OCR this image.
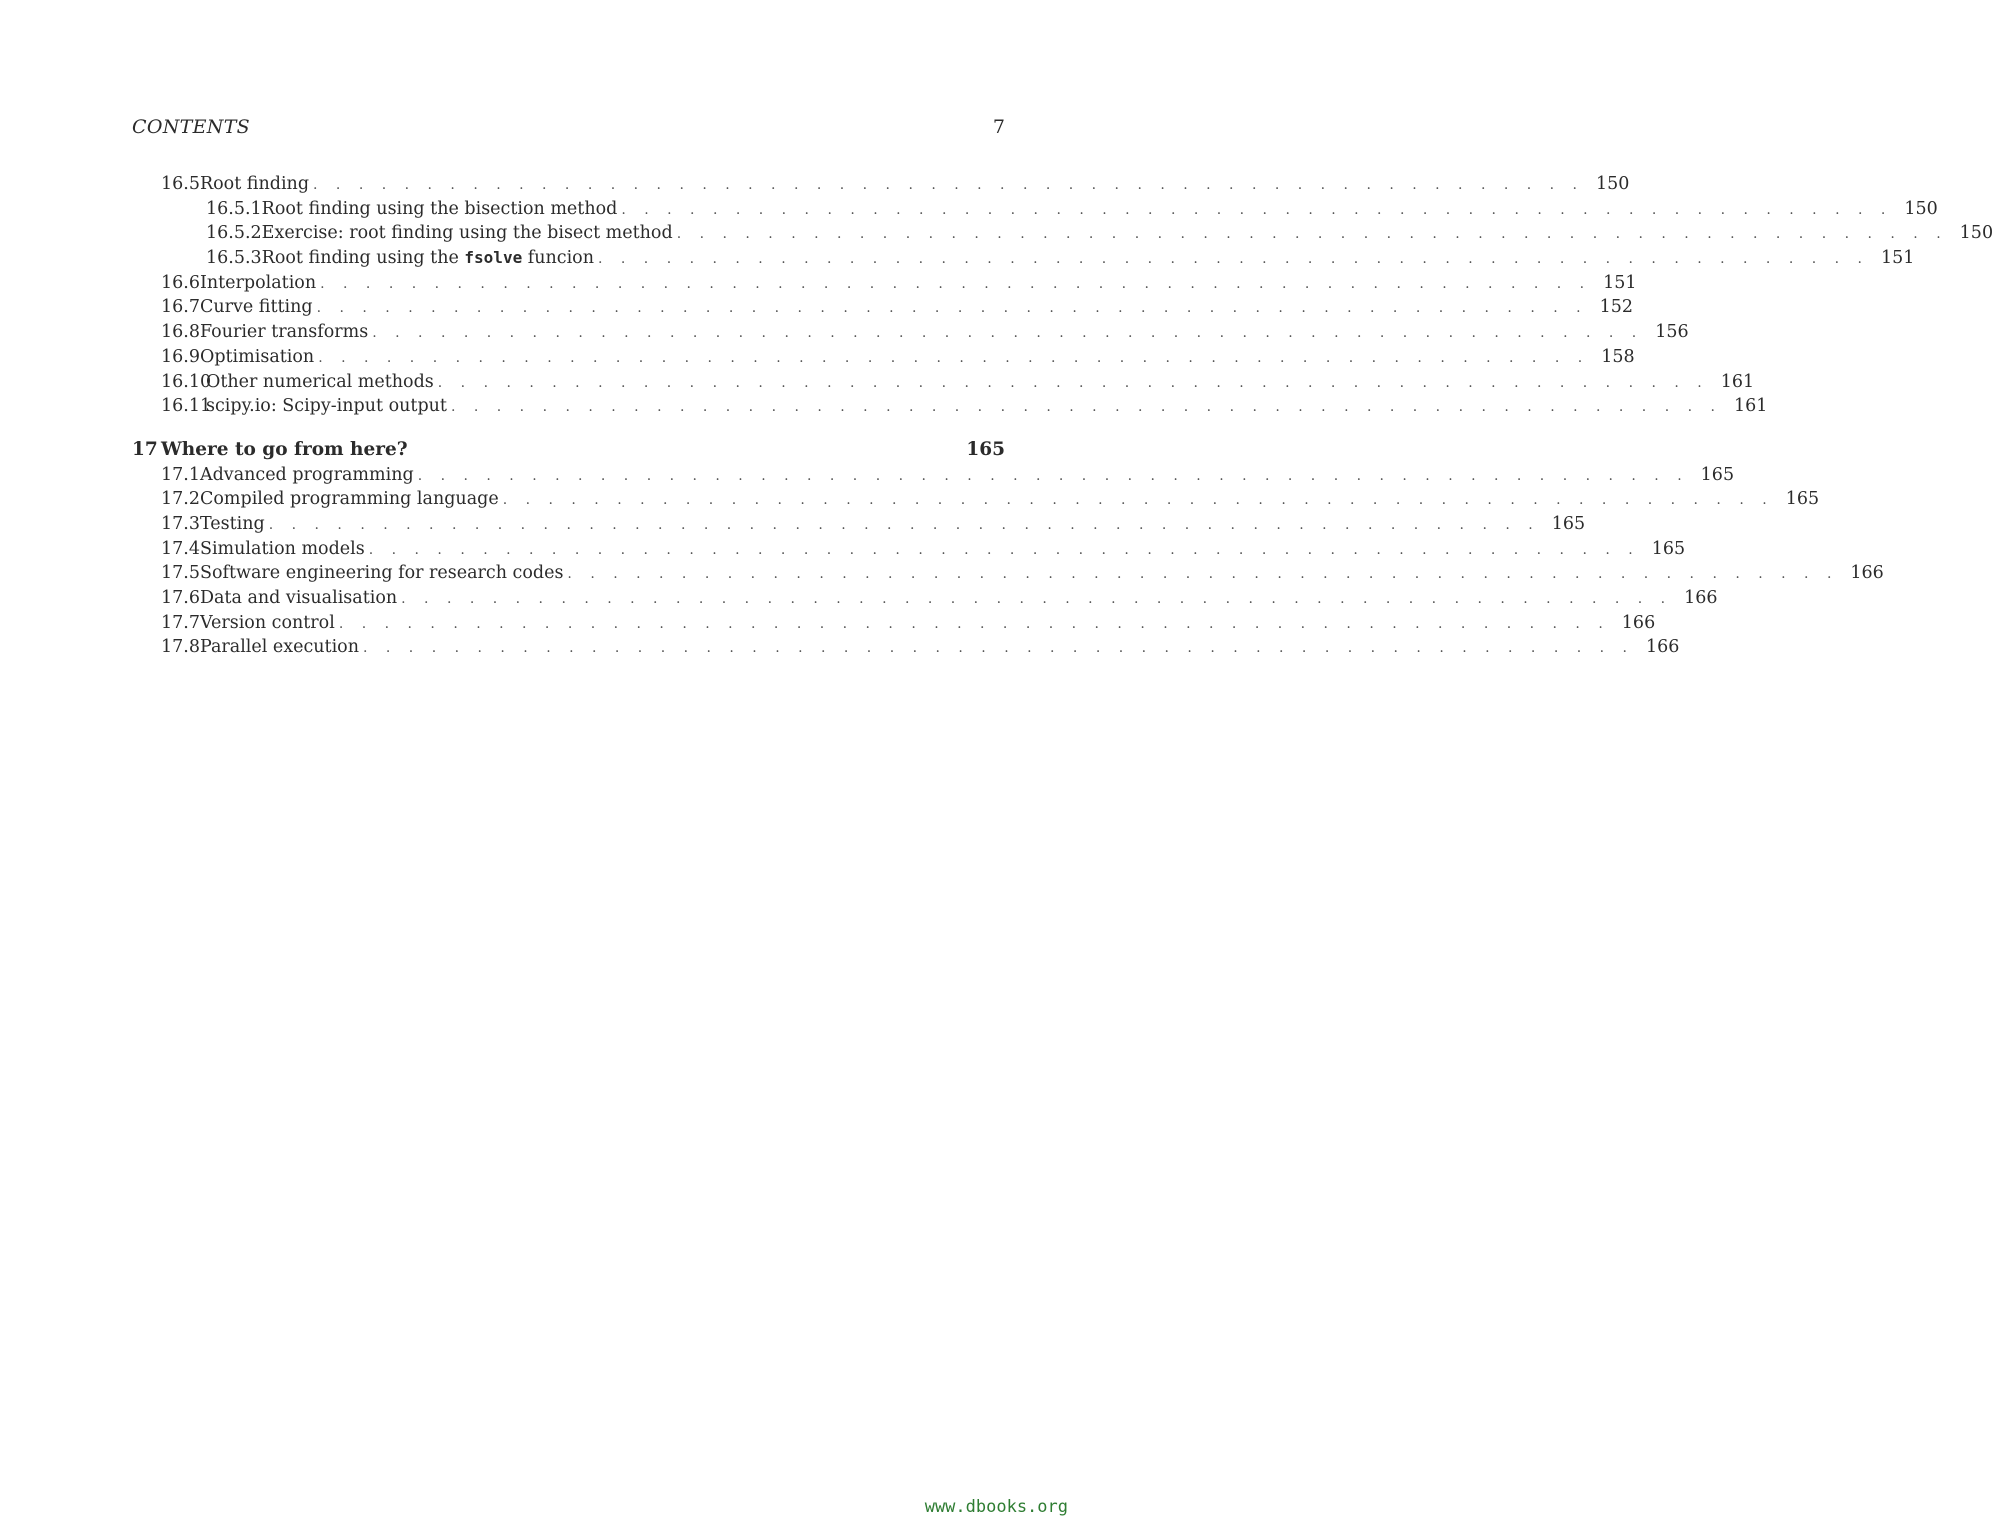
CONTENTS	7
16.5 Root finding . . . . . . . . . . . . . . . . . . . . . . . . . . . . . . . . . . . . . . . . . . . . . . . . . . . . . . . . 150
16.5.1 Root finding using the bisection method . . . . . . . . . . . . . . . . . . . . . . . . . . . . . . . . . . . . . . . . . . . . . . . . . . . . . . . . 150
16.5.2 Exercise: root finding using the bisect method . . . . . . . . . . . . . . . . . . . . . . . . . . . . . . . . . . . . . . . . . . . . . . . . . . . . . . . . 150
16.5.3 Root finding using the fsolve funcion . . . . . . . . . . . . . . . . . . . . . . . . . . . . . . . . . . . . . . . . . . . . . . . . . . . . . . . . 151
16.6 Interpolation . . . . . . . . . . . . . . . . . . . . . . . . . . . . . . . . . . . . . . . . . . . . . . . . . . . . . . . . 151
16.7 Curve fitting . . . . . . . . . . . . . . . . . . . . . . . . . . . . . . . . . . . . . . . . . . . . . . . . . . . . . . . . 152
16.8 Fourier transforms . . . . . . . . . . . . . . . . . . . . . . . . . . . . . . . . . . . . . . . . . . . . . . . . . . . . . . . . 156
16.9 Optimisation . . . . . . . . . . . . . . . . . . . . . . . . . . . . . . . . . . . . . . . . . . . . . . . . . . . . . . . . 158
16.10
Other numerical methods . . . . . . . . . . . . . . . . . . . . . . . . . . . . . . . . . . . . . . . . . . . . . . . . . . . . . . . . 161
16.11
scipy.io: Scipy-input output . . . . . . . . . . . . . . . . . . . . . . . . . . . . . . . . . . . . . . . . . . . . . . . . . . . . . . . . 161
17 Where to go from here?	165
17.1 Advanced programming . . . . . . . . . . . . . . . . . . . . . . . . . . . . . . . . . . . . . . . . . . . . . . . . . . . . . . . . 165
17.2 Compiled programming language . . . . . . . . . . . . . . . . . . . . . . . . . . . . . . . . . . . . . . . . . . . . . . . . . . . . . . . . 165
17.3 Testing . . . . . . . . . . . . . . . . . . . . . . . . . . . . . . . . . . . . . . . . . . . . . . . . . . . . . . . . 165
17.4 Simulation models . . . . . . . . . . . . . . . . . . . . . . . . . . . . . . . . . . . . . . . . . . . . . . . . . . . . . . . . 165
17.5 Software engineering for research codes . . . . . . . . . . . . . . . . . . . . . . . . . . . . . . . . . . . . . . . . . . . . . . . . . . . . . . . . 166
17.6 Data and visualisation . . . . . . . . . . . . . . . . . . . . . . . . . . . . . . . . . . . . . . . . . . . . . . . . . . . . . . . . 166
17.7 Version control . . . . . . . . . . . . . . . . . . . . . . . . . . . . . . . . . . . . . . . . . . . . . . . . . . . . . . . . 166
17.8 Parallel execution . . . . . . . . . . . . . . . . . . . . . . . . . . . . . . . . . . . . . . . . . . . . . . . . . . . . . . . . 166
www.dbooks.org
